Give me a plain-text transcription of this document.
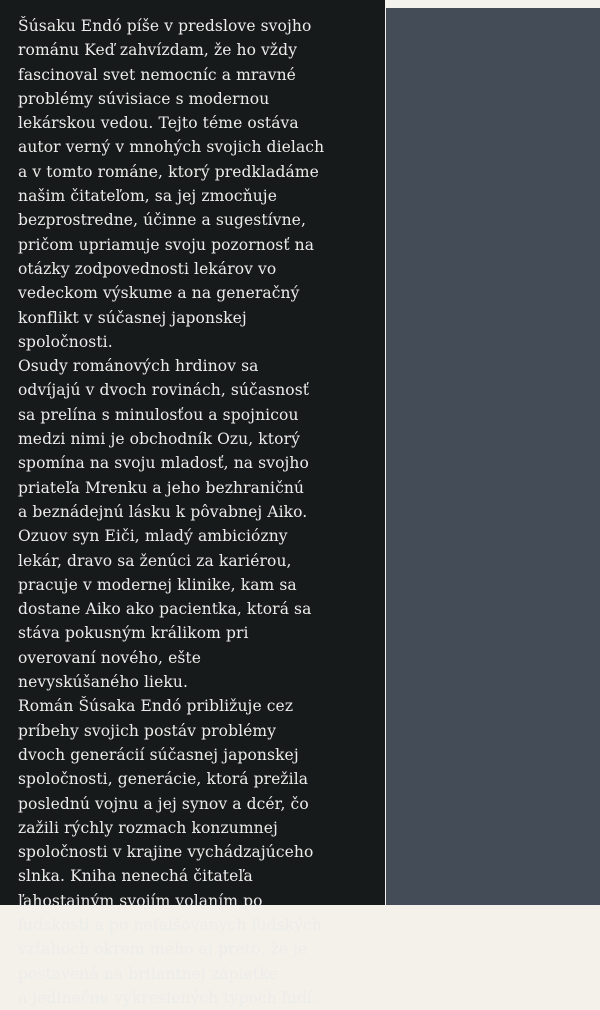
Šúsaku Endó píše v predslove svojho
románu Keď zahvízdam, že ho vždy
fascinoval svet nemocníc a mravné
problémy súvisiace s modernou
lekárskou vedou. Tejto téme ostáva
autor verný v mnohých svojich dielach
a v tomto románe, ktorý predkladáme
našim čitateľom, sa jej zmocňuje
bezprostredne, účinne a sugestívne,
pričom upriamuje svoju pozornosť na
otázky zodpovednosti lekárov vo
vedeckom výskume a na generačný
konflikt v súčasnej japonskej
spoločnosti.
Osudy románových hrdinov sa
odvíjajú v dvoch rovinách, súčasnosť
sa prelína s minulosťou a spojnicou
medzi nimi je obchodník Ozu, ktorý
spomína na svoju mladosť, na svojho
priateľa Mrenku a jeho bezhraničnú
a beznádejnú lásku k pôvabnej Aiko.
Ozuov syn Eiči, mladý ambiciózny
lekár, dravo sa ženúci za kariérou,
pracuje v modernej klinike, kam sa
dostane Aiko ako pacientka, ktorá sa
stáva pokusným králikom pri
overovaní nového, ešte
nevyskúšaného lieku.
Román Šúsaka Endó približuje cez
príbehy svojich postáv problémy
dvoch generácií súčasnej japonskej
spoločnosti, generácie, ktorá prežila
poslednú vojnu a jej synov a dcér, čo
zažili rýchly rozmach konzumnej
spoločnosti v krajine vychádzajúceho
slnka. Kniha nenechá čitateľa
ľahostajným svojím volaním po
ľudskosti a po nefalšovaných ľudských
vzťahoch okrem iného aj preto, že je
postavená na brilantnej zápletke
a jedinečne vykreslených typoch ľudí.
